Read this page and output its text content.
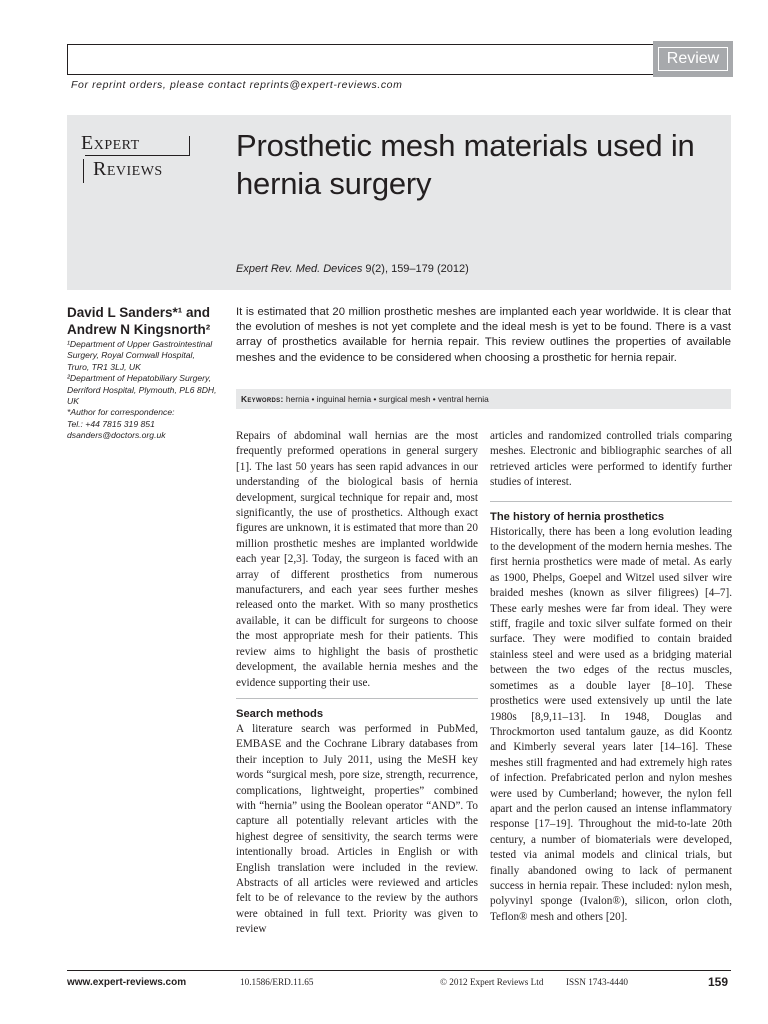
Review
For reprint orders, please contact reprints@expert-reviews.com
Expert
Reviews
Prosthetic mesh materials used in hernia surgery
Expert Rev. Med. Devices 9(2), 159–179 (2012)
David L Sanders*¹ and
Andrew N Kingsnorth²
¹Department of Upper Gastrointestinal
Surgery, Royal Cornwall Hospital,
Truro, TR1 3LJ, UK
²Department of Hepatobiliary Surgery,
Derriford Hospital, Plymouth, PL6 8DH,
UK
*Author for correspondence:
Tel.: +44 7815 319 851
dsanders@doctors.org.uk
It is estimated that 20 million prosthetic meshes are implanted each year worldwide. It is clear that the evolution of meshes is not yet complete and the ideal mesh is yet to be found. There is a vast array of prosthetics available for hernia repair. This review outlines the properties of available meshes and the evidence to be considered when choosing a prosthetic for hernia repair.
Keywords: hernia • inguinal hernia • surgical mesh • ventral hernia

Repairs of abdominal wall hernias are the most frequently preformed operations in general surgery [1]. The last 50 years has seen rapid advances in our understanding of the biological basis of hernia development, surgical technique for repair and, most significantly, the use of prosthetics. Although exact figures are unknown, it is estimated that more than 20 million prosthetic meshes are implanted worldwide each year [2,3]. Today, the surgeon is faced with an array of different prosthetics from numerous manufacturers, and each year sees further meshes released onto the market. With so many prosthetics available, it can be difficult for surgeons to choose the most appropriate mesh for their patients. This review aims to highlight the basis of prosthetic development, the available hernia meshes and the evidence supporting their use.

Search methods

A literature search was performed in PubMed, EMBASE and the Cochrane Library databases from their inception to July 2011, using the MeSH key words “surgical mesh, pore size, strength, recurrence, complications, lightweight, properties” combined with “hernia” using the Boolean operator “AND”. To capture all potentially relevant articles with the highest degree of sensitivity, the search terms were intentionally broad. Articles in English or with English translation were included in the review. Abstracts of all articles were reviewed and articles felt to be of relevance to the review by the authors were obtained in full text. Priority was given to review

articles and randomized controlled trials comparing meshes. Electronic and bibliographic searches of all retrieved articles were performed to identify further studies of interest.

The history of hernia prosthetics

Historically, there has been a long evolution leading to the development of the modern hernia meshes. The first hernia prosthetics were made of metal. As early as 1900, Phelps, Goepel and Witzel used silver wire braided meshes (known as silver filigrees) [4–7]. These early meshes were far from ideal. They were stiff, fragile and toxic silver sulfate formed on their surface. They were modified to contain braided stainless steel and were used as a bridging material between the two edges of the rectus muscles, sometimes as a double layer [8–10]. These prosthetics were used extensively up until the late 1980s [8,9,11–13]. In 1948, Douglas and Throckmorton used tantalum gauze, as did Koontz and Kimberly several years later [14–16]. These meshes still fragmented and had extremely high rates of infection. Prefabricated perlon and nylon meshes were used by Cumberland; however, the nylon fell apart and the perlon caused an intense inflammatory response [17–19]. Throughout the mid-to-late 20th century, a number of biomaterials were developed, tested via animal models and clinical trials, but finally abandoned owing to lack of permanent success in hernia repair. These included: nylon mesh, polyvinyl sponge (Ivalon®), silicon, orlon cloth, Teflon® mesh and others [20].

www.expert-reviews.com	10.1586/ERD.11.65	© 2012 Expert Reviews Ltd ISSN 1743-4440	159
